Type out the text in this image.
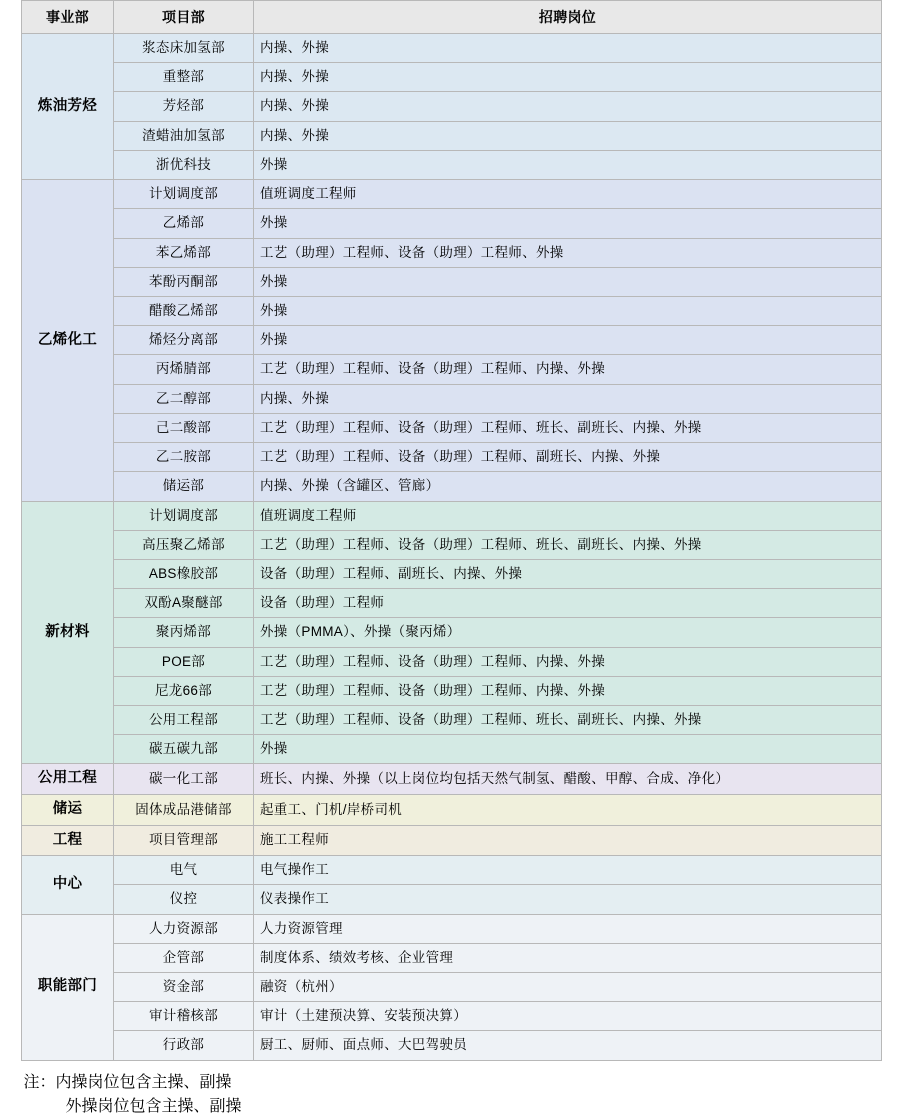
事业部	项目部	招聘岗位
炼油芳烃	浆态床加氢部	内操、外操
	重整部	内操、外操
	芳烃部	内操、外操
	渣蜡油加氢部	内操、外操
	浙优科技	外操
乙烯化工	计划调度部	值班调度工程师
	乙烯部	外操
	苯乙烯部	工艺（助理）工程师、设备（助理）工程师、外操
	苯酚丙酮部	外操
	醋酸乙烯部	外操
	烯烃分离部	外操
	丙烯腈部	工艺（助理）工程师、设备（助理）工程师、内操、外操
	乙二醇部	内操、外操
	己二酸部	工艺（助理）工程师、设备（助理）工程师、班长、副班长、内操、外操
	乙二胺部	工艺（助理）工程师、设备（助理）工程师、副班长、内操、外操
	储运部	内操、外操（含罐区、管廊）
新材料	计划调度部	值班调度工程师
	高压聚乙烯部	工艺（助理）工程师、设备（助理）工程师、班长、副班长、内操、外操
	ABS橡胶部	设备（助理）工程师、副班长、内操、外操
	双酚A聚醚部	设备（助理）工程师
	聚丙烯部	外操（PMMA）、外操（聚丙烯）
	POE部	工艺（助理）工程师、设备（助理）工程师、内操、外操
	尼龙66部	工艺（助理）工程师、设备（助理）工程师、内操、外操
	公用工程部	工艺（助理）工程师、设备（助理）工程师、班长、副班长、内操、外操
	碳五碳九部	外操
公用工程	碳一化工部	班长、内操、外操（以上岗位均包括天然气制氢、醋酸、甲醇、合成、净化）
储运	固体成品港储部	起重工、门机/岸桥司机
工程	项目管理部	施工工程师
中心	电气	电气操作工
	仪控	仪表操作工
职能部门	人力资源部	人力资源管理
	企管部	制度体系、绩效考核、企业管理
	资金部	融资（杭州）
	审计稽核部	审计（土建预决算、安装预决算）
	行政部	厨工、厨师、面点师、大巴驾驶员
注：内操岗位包含主操、副操
外操岗位包含主操、副操
